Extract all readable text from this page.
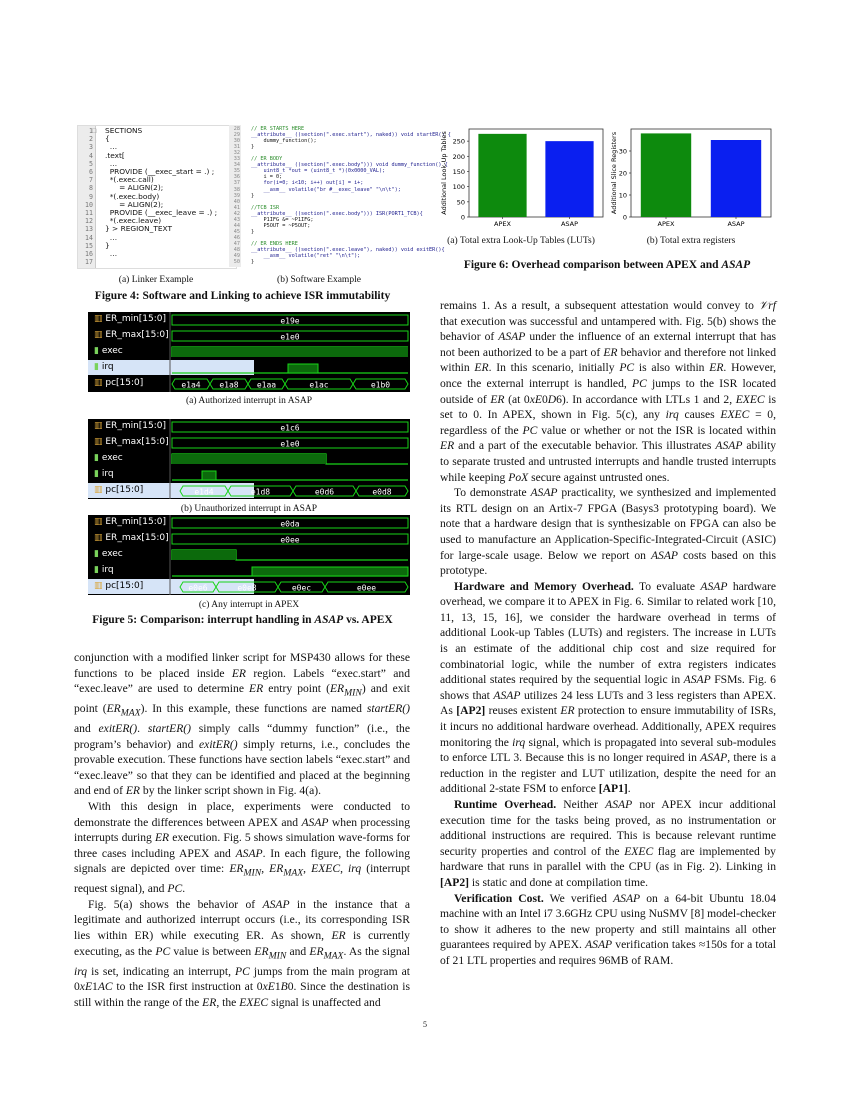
1 SECTIONS
2 {
3 …
4 .text[
5 …
6 PROVIDE (__exec_start = .) ;
7 *(.exec.call)
8 = ALIGN(2);
9 *(.exec.body)
10 = ALIGN(2);
11 PROVIDE (__exec_leave = .) ;
12 *(.exec.leave)
13 } > REGION_TEXT
14 …
15 }
16 …
17
□	28 // ER STARTS HERE
29 __attribute__ ((section(".exec.start"), naked)) void startER() {
30 dummy_function();
31 }
32
33 // ER BODY
34 __attribute__ ((section(".exec.body"))) void dummy_function() {
35 uint8_t *out = (uint8_t *)(0x0000_VAL);
36 i = 0;
37 for(i=0; i<10; i++) out[i] = i+;
38 __asm__ volatile("br #__exec_leave" "\n\t");
39 }
40
41 //TCB ISR
42 __attribute__ ((section(".exec.body"))) ISR(PORT1_TCB){
43 P1IFG &= ~P1IFG;
44 P5OUT = ~P5OUT;
45 }
46
47 // ER ENDS HERE
48 __attribute__ ((section(".exec.leave"), naked)) void exitER(){
49 __asm__ volatile("ret" "\n\t");
50 }
(a) Linker Example	(b) Software Example
Figure 4: Software and Linking to achieve ISR immutability
▥ ER_min[15:0]
▥ ER_max[15:0]
▮ exec
▮ irq
▥ pc[15:0]
e19e
e1e0
e1a4 e1a8 e1aa	e1ac	e1b0
(a) Authorized interrupt in ASAP
▥ ER_min[15:0]
▥ ER_max[15:0]
▮ exec
▮ irq
▥ pc[15:0]
e1c6
e1e0
e1d4	e1d8	e0d6	e0d8
(b) Unauthorized interrupt in ASAP
▥ ER_min[15:0]
▥ ER_max[15:0]
▮ exec
▮ irq
▥ pc[15:0]
e0da
e0ee
e0e6	e0e8	e0ec	e0ee
(c) Any interrupt in APEX
Figure 5: Comparison: interrupt handling in ASAP vs. APEX
0
50
100
150
200
250
APEX	ASAP
Additional Look-Up Tables
0
10
20
30
APEX	ASAP
Additional Slice Registers
(a) Total extra Look-Up Tables (LUTs)	(b) Total extra registers
Figure 6: Overhead comparison between APEX and ASAP

conjunction with a modified linker script for MSP430 allows for these functions to be placed inside ER region. Labels “exec.start” and “exec.leave” are used to determine ER entry point $(ER_{MIN})$ and exit point $(ER_{MAX})$. In this example, these functions are named startER() and exitER(). startER() simply calls “dummy function” (i.e., the program’s behavior) and exitER() simply returns, i.e., concludes the provable execution. These functions have section labels “exec.start” and “exec.leave” so that they can be identified and placed at the beginning and end of ER by the linker script shown in Fig. 4(a).

With this design in place, experiments were conducted to demonstrate the differences between APEX and ASAP when processing interrupts during ER execution. Fig. 5 shows simulation wave-forms for three cases including APEX and ASAP. In each figure, the following signals are depicted over time: $ER_{MIN}$, $ER_{MAX}$, EXEC, irq (interrupt request signal), and PC.

Fig. 5(a) shows the behavior of ASAP in the instance that a legitimate and authorized interrupt occurs (i.e., its corresponding ISR lies within ER) while executing ER. As shown, ER is currently executing, as the PC value is between $ER_{MIN}$ and $ER_{MAX}$. As the signal irq is set, indicating an interrupt, PC jumps from the main program at 0xE1AC to the ISR first instruction at 0xE1B0. Since the destination is still within the range of the ER, the EXEC signal is unaffected and

remains 1. As a result, a subsequent attestation would convey to 𝒱rf that execution was successful and untampered with. Fig. 5(b) shows the behavior of ASAP under the influence of an external interrupt that has not been authorized to be a part of ER behavior and therefore not linked within ER. In this scenario, initially PC is also within ER. However, once the external interrupt is handled, PC jumps to the ISR located outside of ER (at 0xE0D6). In accordance with LTLs 1 and 2, EXEC is set to 0. In APEX, shown in Fig. 5(c), any irq causes EXEC = 0, regardless of the PC value or whether or not the ISR is located within ER and a part of the executable behavior. This illustrates ASAP ability to separate trusted and untrusted interrupts and handle trusted interrupts while keeping PoX secure against untrusted ones.

To demonstrate ASAP practicality, we synthesized and implemented its RTL design on an Artix-7 FPGA (Basys3 prototyping board). We note that a hardware design that is synthesizable on FPGA can also be used to manufacture an Application-Specific-Integrated-Circuit (ASIC) for large-scale usage. Below we report on ASAP costs based on this prototype.

Hardware and Memory Overhead. To evaluate ASAP hardware overhead, we compare it to APEX in Fig. 6. Similar to related work [10, 11, 13, 15, 16], we consider the hardware overhead in terms of additional Look-up Tables (LUTs) and registers. The increase in LUTs is an estimate of the additional chip cost and size required for combinatorial logic, while the number of extra registers indicates additional states required by the sequential logic in ASAP FSMs. Fig. 6 shows that ASAP utilizes 24 less LUTs and 3 less registers than APEX. As [AP2] reuses existent ER protection to ensure immutability of ISRs, it incurs no additional hardware overhead. Additionally, APEX requires monitoring the irq signal, which is propagated into several sub-modules to enforce LTL 3. Because this is no longer required in ASAP, there is a reduction in the register and LUT utilization, despite the need for an additional 2-state FSM to enforce [AP1].

Runtime Overhead. Neither ASAP nor APEX incur additional execution time for the tasks being proved, as no instrumentation or additional instructions are required. This is because relevant runtime security properties and control of the EXEC flag are implemented by hardware that runs in parallel with the CPU (as in Fig. 2). Linking in [AP2] is static and done at compilation time.

Verification Cost. We verified ASAP on a 64-bit Ubuntu 18.04 machine with an Intel i7 3.6GHz CPU using NuSMV [8] model-checker to show it adheres to the new property and still maintains all other guarantees required by APEX. ASAP verification takes ≈150s for a total of 21 LTL properties and requires 96MB of RAM.

5
